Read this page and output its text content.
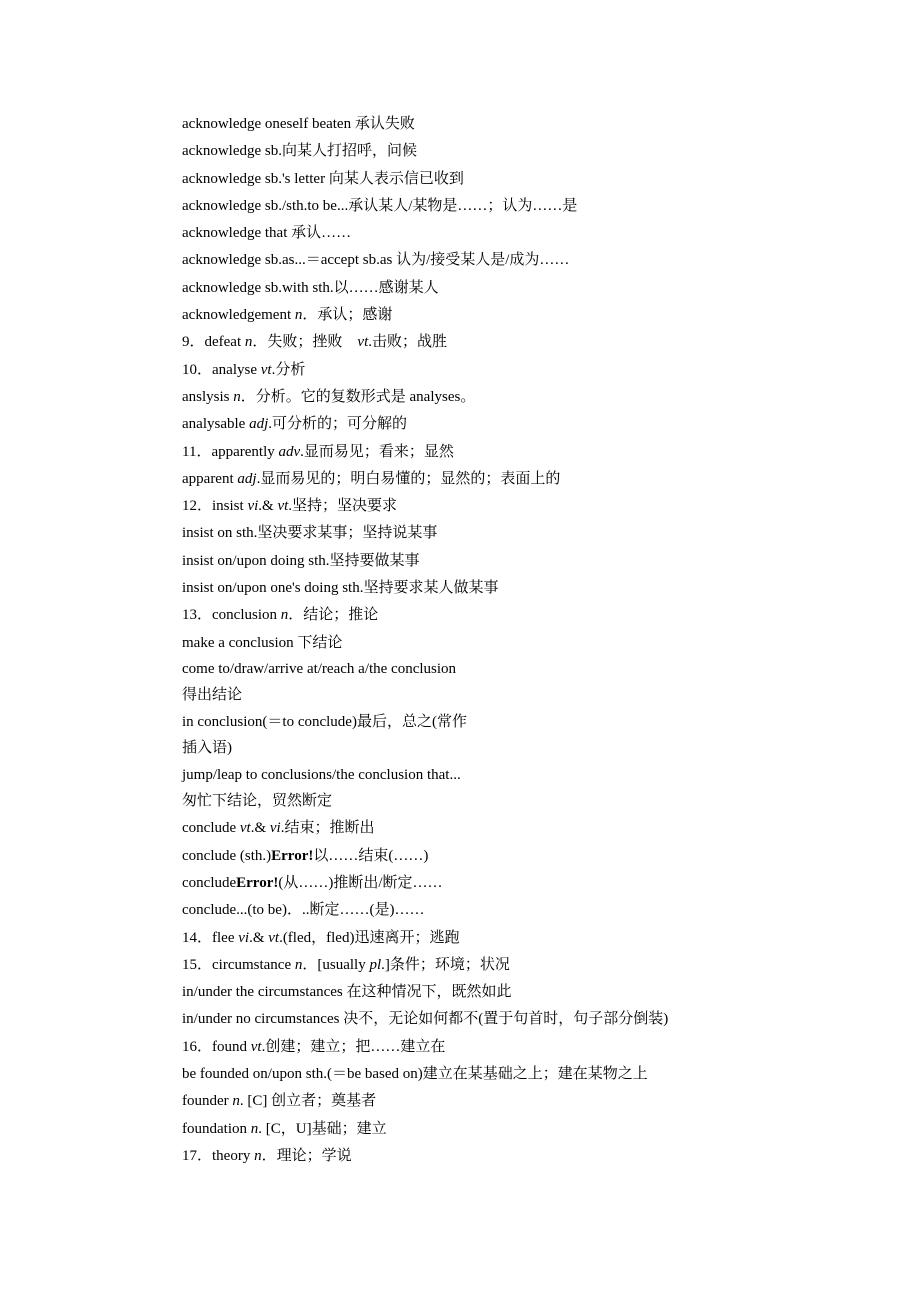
acknowledge oneself beaten 承认失败
acknowledge sb.向某人打招呼，问候
acknowledge sb.'s letter 向某人表示信已收到
acknowledge sb./sth.to be...承认某人/某物是……；认为……是
acknowledge that 承认……
acknowledge sb.as...＝accept sb.as 认为/接受某人是/成为……
acknowledge sb.with sth.以……感谢某人
acknowledgement n．承认；感谢
9．defeat n．失败；挫败　vt.击败；战胜
10．analyse vt.分析
anslysis n．分析。它的复数形式是 analyses。
analysable adj.可分析的；可分解的
11．apparently adv.显而易见；看来；显然
apparent adj.显而易见的；明白易懂的；显然的；表面上的
12．insist vi.& vt.坚持；坚决要求
insist on sth.坚决要求某事；坚持说某事
insist on/upon doing sth.坚持要做某事
insist on/upon one's doing sth.坚持要求某人做某事
13．conclusion n．结论；推论
make a conclusion 下结论
come to/draw/arrive at/reach a/the conclusion
得出结论
in conclusion(＝to conclude)最后，总之(常作
插入语)
jump/leap to conclusions/the conclusion that...
匆忙下结论，贸然断定
conclude vt.& vi.结束；推断出
conclude (sth.)Error!以……结束(……)
concludeError!(从……)推断出/断定……
conclude...(to be)．..断定……(是)……
14．flee vi.& vt.(fled，fled)迅速离开；逃跑
15．circumstance n．[usually pl.]条件；环境；状况
in/under the circumstances 在这种情况下，既然如此
in/under no circumstances 决不，无论如何都不(置于句首时，句子部分倒装)
16．found vt.创建；建立；把……建立在
be founded on/upon sth.(＝be based on)建立在某基础之上；建在某物之上
founder n. [C] 创立者；奠基者
foundation n. [C，U]基础；建立
17．theory n．理论；学说
